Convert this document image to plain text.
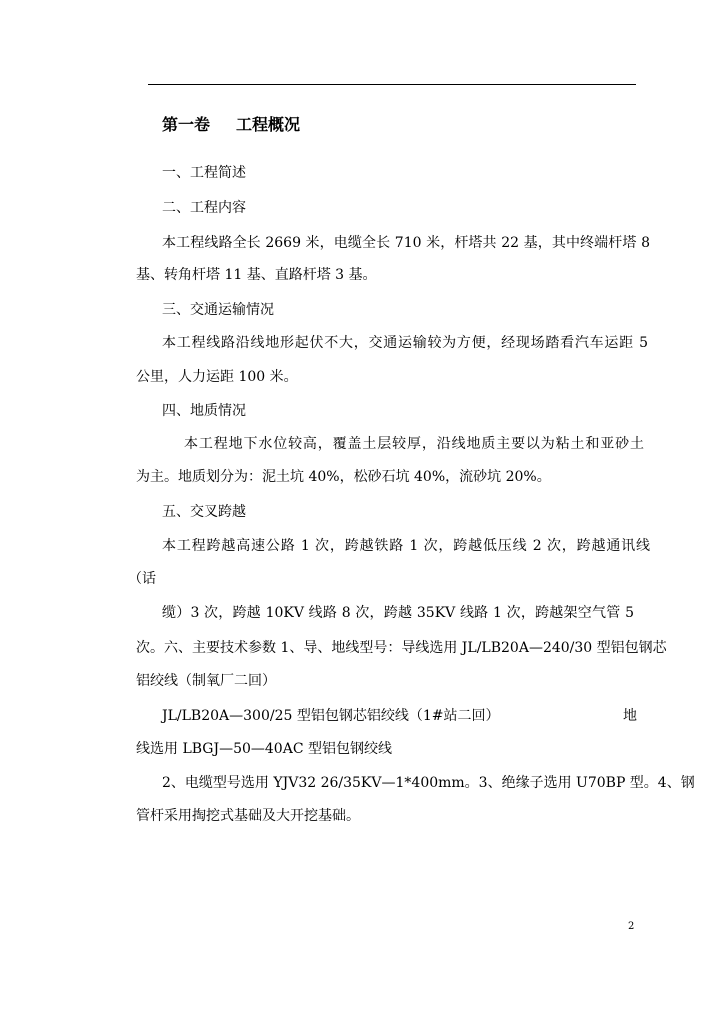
第一卷 工程概况
一、工程简述
二、工程内容
本工程线路全长 2669 米，电缆全长 710 米，杆塔共 22 基，其中终端杆塔 8
基、转角杆塔 11 基、直路杆塔 3 基。
三、交通运输情况
本工程线路沿线地形起伏不大，交通运输较为方便，经现场踏看汽车运距 5
公里，人力运距 100 米。
四、地质情况
本工程地下水位较高，覆盖土层较厚，沿线地质主要以为粘土和亚砂土
为主。地质划分为：泥土坑 40%，松砂石坑 40%，流砂坑 20%。
五、交叉跨越
本工程跨越高速公路 1 次，跨越铁路 1 次，跨越低压线 2 次，跨越通讯线
（话
缆）3 次，跨越 10KV 线路 8 次，跨越 35KV 线路 1 次，跨越架空气管 5
次。六、主要技术参数 1、导、地线型号：导线选用 JL/LB20A—240/30 型铝包钢芯
铝绞线（制氧厂二回）
JL/LB20A—300/25 型铝包钢芯铝绞线（1#站二回）	地
线选用 LBGJ—50—40AC 型铝包钢绞线
2、电缆型号选用 YJV32 26/35KV—1*400mm。3、绝缘子选用 U70BP 型。4、钢
管杆采用掏挖式基础及大开挖基础。
2
